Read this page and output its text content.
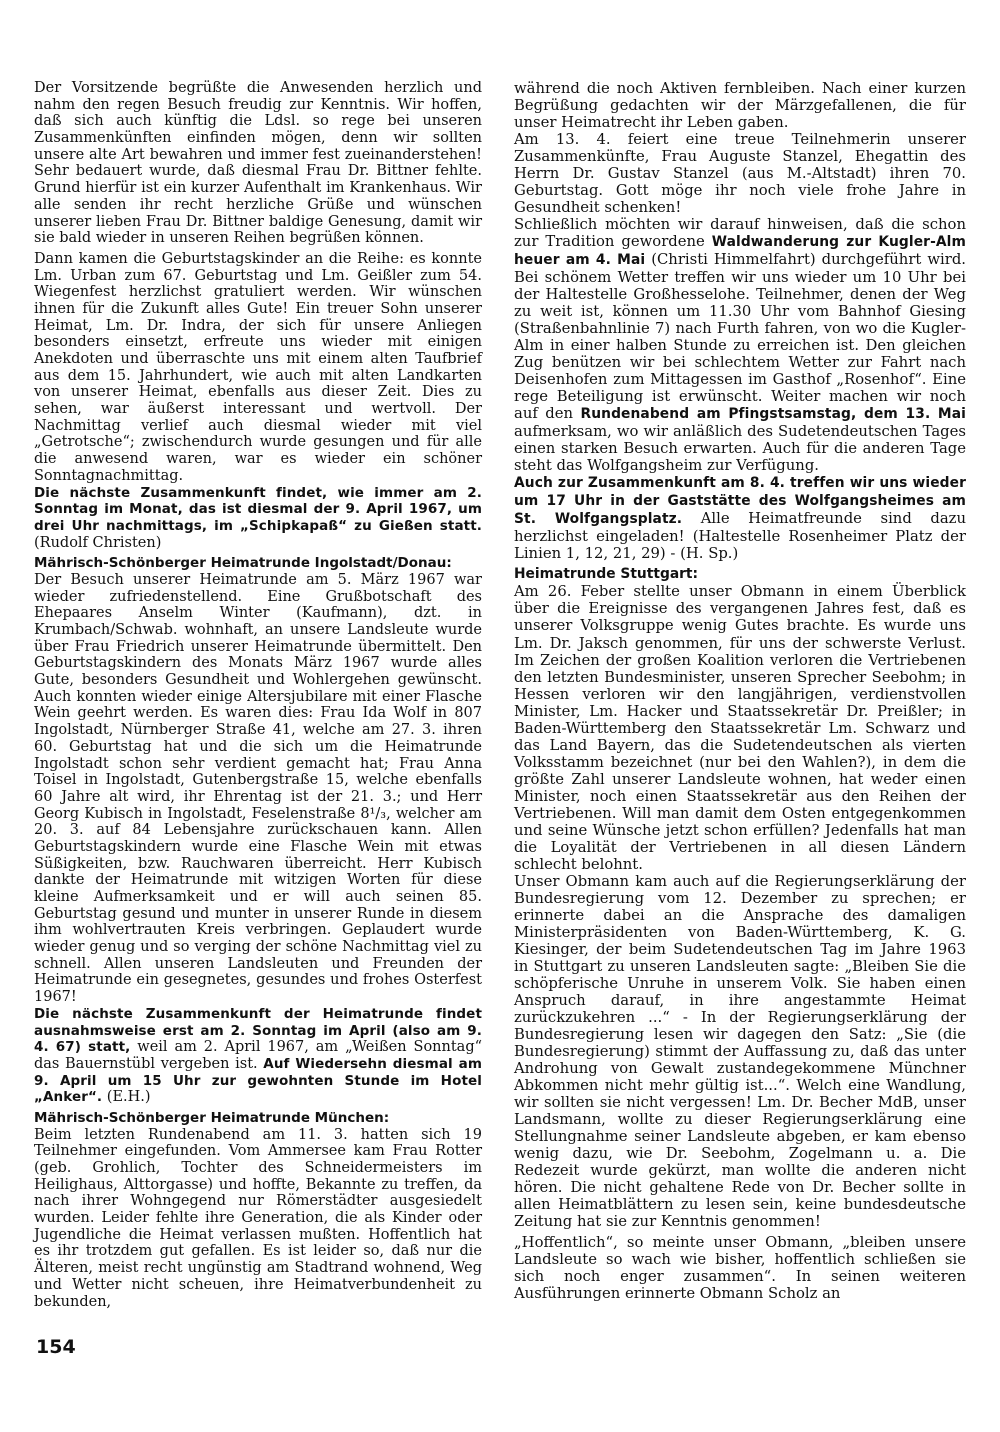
Der Vorsitzende begrüßte die Anwesenden herzlich und nahm den regen Besuch freudig zur Kenntnis. Wir hoffen, daß sich auch künftig die Ldsl. so rege bei unseren Zusammenkünften einfinden mögen, denn wir sollten unsere alte Art bewahren und immer fest zueinanderstehen! Sehr bedauert wurde, daß diesmal Frau Dr. Bittner fehlte. Grund hierfür ist ein kurzer Aufenthalt im Krankenhaus. Wir alle senden ihr recht herzliche Grüße und wünschen unserer lieben Frau Dr. Bittner baldige Genesung, damit wir sie bald wieder in unseren Reihen begrüßen können.

Dann kamen die Geburtstagskinder an die Reihe: es konnte Lm. Urban zum 67. Geburtstag und Lm. Geißler zum 54. Wiegenfest herzlichst gratuliert werden. Wir wünschen ihnen für die Zukunft alles Gute! Ein treuer Sohn unserer Heimat, Lm. Dr. Indra, der sich für unsere Anliegen besonders einsetzt, erfreute uns wieder mit einigen Anekdoten und überraschte uns mit einem alten Taufbrief aus dem 15. Jahrhundert, wie auch mit alten Landkarten von unserer Heimat, ebenfalls aus dieser Zeit. Dies zu sehen, war äußerst interessant und wertvoll. Der Nachmittag verlief auch diesmal wieder mit viel „Getrotsche“; zwischendurch wurde gesungen und für alle die anwesend waren, war es wieder ein schöner Sonntagnachmittag.

Die nächste Zusammenkunft findet, wie immer am 2. Sonntag im Monat, das ist diesmal der 9. April 1967, um drei Uhr nachmittags, im „Schipkapaß“ zu Gießen statt. (Rudolf Christen)

Mährisch-Schönberger Heimatrunde Ingolstadt/Donau:

Der Besuch unserer Heimatrunde am 5. März 1967 war wieder zufriedenstellend. Eine Grußbotschaft des Ehepaares Anselm Winter (Kaufmann), dzt. in Krumbach/Schwab. wohnhaft, an unsere Landsleute wurde über Frau Friedrich unserer Heimatrunde übermittelt. Den Geburtstagskindern des Monats März 1967 wurde alles Gute, besonders Gesundheit und Wohlergehen gewünscht. Auch konnten wieder einige Altersjubilare mit einer Flasche Wein geehrt werden. Es waren dies: Frau Ida Wolf in 807 Ingolstadt, Nürnberger Straße 41, welche am 27. 3. ihren 60. Geburtstag hat und die sich um die Heimatrunde Ingolstadt schon sehr verdient gemacht hat; Frau Anna Toisel in Ingolstadt, Gutenbergstraße 15, welche ebenfalls 60 Jahre alt wird, ihr Ehrentag ist der 21. 3.; und Herr Georg Kubisch in Ingolstadt, Feselenstraße 8¹/₃, welcher am 20. 3. auf 84 Lebensjahre zurückschauen kann. Allen Geburtstagskindern wurde eine Flasche Wein mit etwas Süßigkeiten, bzw. Rauchwaren überreicht. Herr Kubisch dankte der Heimatrunde mit witzigen Worten für diese kleine Aufmerksamkeit und er will auch seinen 85. Geburtstag gesund und munter in unserer Runde in diesem ihm wohlvertrauten Kreis verbringen. Geplaudert wurde wieder genug und so verging der schöne Nachmittag viel zu schnell. Allen unseren Landsleuten und Freunden der Heimatrunde ein gesegnetes, gesundes und frohes Osterfest 1967!

Die nächste Zusammenkunft der Heimatrunde findet ausnahmsweise erst am 2. Sonntag im April (also am 9. 4. 67) statt, weil am 2. April 1967, am „Weißen Sonntag“ das Bauernstübl vergeben ist. Auf Wiedersehn diesmal am 9. April um 15 Uhr zur gewohnten Stunde im Hotel „Anker“. (E.H.)

Mährisch-Schönberger Heimatrunde München:

Beim letzten Rundenabend am 11. 3. hatten sich 19 Teilnehmer eingefunden. Vom Ammersee kam Frau Rotter (geb. Grohlich, Tochter des Schneidermeisters im Heilighaus, Alttorgasse) und hoffte, Bekannte zu treffen, da nach ihrer Wohngegend nur Römerstädter ausgesiedelt wurden. Leider fehlte ihre Generation, die als Kinder oder Jugendliche die Heimat verlassen mußten. Hoffentlich hat es ihr trotzdem gut gefallen. Es ist leider so, daß nur die Älteren, meist recht ungünstig am Stadtrand wohnend, Weg und Wetter nicht scheuen, ihre Heimatverbundenheit zu bekunden,

während die noch Aktiven fernbleiben. Nach einer kurzen Begrüßung gedachten wir der Märzgefallenen, die für unser Heimatrecht ihr Leben gaben.

Am 13. 4. feiert eine treue Teilnehmerin unserer Zusammenkünfte, Frau Auguste Stanzel, Ehegattin des Herrn Dr. Gustav Stanzel (aus M.-Altstadt) ihren 70. Geburtstag. Gott möge ihr noch viele frohe Jahre in Gesundheit schenken!

Schließlich möchten wir darauf hinweisen, daß die schon zur Tradition gewordene Waldwanderung zur Kugler-Alm heuer am 4. Mai (Christi Himmelfahrt) durchgeführt wird. Bei schönem Wetter treffen wir uns wieder um 10 Uhr bei der Haltestelle Großhesselohe. Teilnehmer, denen der Weg zu weit ist, können um 11.30 Uhr vom Bahnhof Giesing (Straßenbahnlinie 7) nach Furth fahren, von wo die Kugler-Alm in einer halben Stunde zu erreichen ist. Den gleichen Zug benützen wir bei schlechtem Wetter zur Fahrt nach Deisenhofen zum Mittagessen im Gasthof „Rosenhof“. Eine rege Beteiligung ist erwünscht. Weiter machen wir noch auf den Rundenabend am Pfingstsamstag, dem 13. Mai aufmerksam, wo wir anläßlich des Sudetendeutschen Tages einen starken Besuch erwarten. Auch für die anderen Tage steht das Wolfgangsheim zur Verfügung.

Auch zur Zusammenkunft am 8. 4. treffen wir uns wieder um 17 Uhr in der Gaststätte des Wolfgangsheimes am St. Wolfgangsplatz. Alle Heimatfreunde sind dazu herzlichst eingeladen! (Haltestelle Rosenheimer Platz der Linien 1, 12, 21, 29) - (H. Sp.)

Heimatrunde Stuttgart:

Am 26. Feber stellte unser Obmann in einem Überblick über die Ereignisse des vergangenen Jahres fest, daß es unserer Volksgruppe wenig Gutes brachte. Es wurde uns Lm. Dr. Jaksch genommen, für uns der schwerste Verlust. Im Zeichen der großen Koalition verloren die Vertriebenen den letzten Bundesminister, unseren Sprecher Seebohm; in Hessen verloren wir den langjährigen, verdienstvollen Minister, Lm. Hacker und Staatssekretär Dr. Preißler; in Baden-Württemberg den Staatssekretär Lm. Schwarz und das Land Bayern, das die Sudetendeutschen als vierten Volksstamm bezeichnet (nur bei den Wahlen?), in dem die größte Zahl unserer Landsleute wohnen, hat weder einen Minister, noch einen Staatssekretär aus den Reihen der Vertriebenen. Will man damit dem Osten entgegenkommen und seine Wünsche jetzt schon erfüllen? Jedenfalls hat man die Loyalität der Vertriebenen in all diesen Ländern schlecht belohnt.

Unser Obmann kam auch auf die Regierungserklärung der Bundesregierung vom 12. Dezember zu sprechen; er erinnerte dabei an die Ansprache des damaligen Ministerpräsidenten von Baden-Württemberg, K. G. Kiesinger, der beim Sudetendeutschen Tag im Jahre 1963 in Stuttgart zu unseren Landsleuten sagte: „Bleiben Sie die schöpferische Unruhe in unserem Volk. Sie haben einen Anspruch darauf, in ihre angestammte Heimat zurückzukehren ...“ - In der Regierungserklärung der Bundesregierung lesen wir dagegen den Satz: „Sie (die Bundesregierung) stimmt der Auffassung zu, daß das unter Androhung von Gewalt zustandegekommene Münchner Abkommen nicht mehr gültig ist...“. Welch eine Wandlung, wir sollten sie nicht vergessen! Lm. Dr. Becher MdB, unser Landsmann, wollte zu dieser Regierungserklärung eine Stellungnahme seiner Landsleute abgeben, er kam ebenso wenig dazu, wie Dr. Seebohm, Zogelmann u. a. Die Redezeit wurde gekürzt, man wollte die anderen nicht hören. Die nicht gehaltene Rede von Dr. Becher sollte in allen Heimatblättern zu lesen sein, keine bundesdeutsche Zeitung hat sie zur Kenntnis genommen!

„Hoffentlich“, so meinte unser Obmann, „bleiben unsere Landsleute so wach wie bisher, hoffentlich schließen sie sich noch enger zusammen“. In seinen weiteren Ausführungen erinnerte Obmann Scholz an

154
